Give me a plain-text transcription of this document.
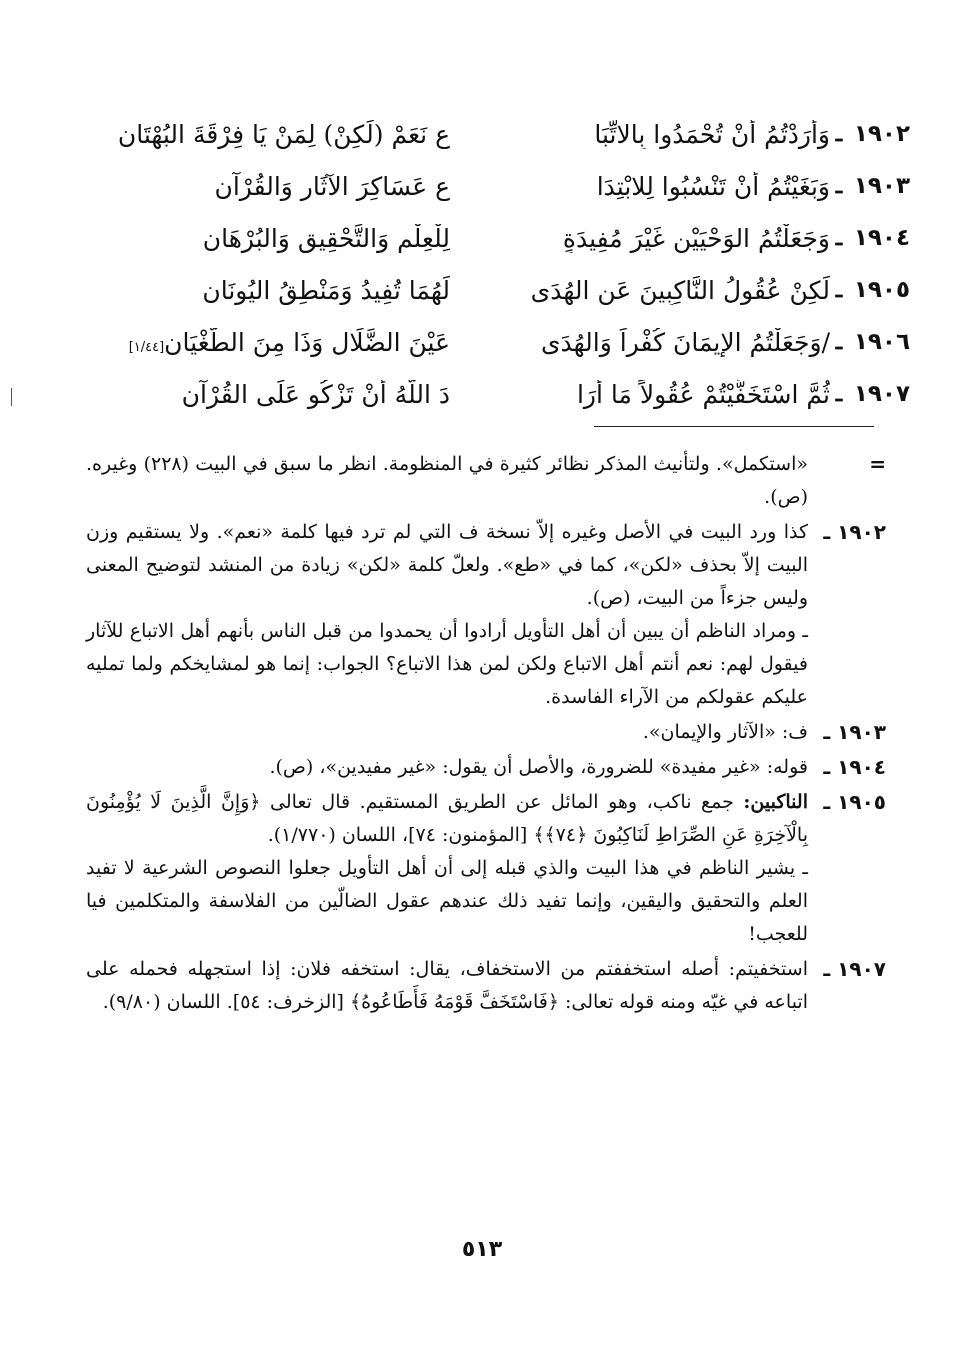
١٩٠٢
ـ
وَأَرَدْتُمُ أَنْ تُحْمَدُوا بِالاتِّبَا
عِ نَعَمْ (لَكِنْ) لِمَنْ يَا فِرْقَةَ البُهْتَانِ
١٩٠٣
ـ
وَبَغَيْتُمُ أَنْ تَنْسُبُوا لِلابْتِدَا
عِ عَسَاكِرَ الآثَارِ وَالقُرْآنِ
١٩٠٤
ـ
وَجَعَلْتُمُ الوَحْيَيْنِ غَيْرَ مُفِيدَةٍ
لِلْعِلْمِ وَالتَّحْقِيقِ وَالبُرْهَانِ
١٩٠٥
ـ
لَكِنْ عُقُولُ النَّاكِبِينَ عَنِ الهُدَى
لَهُمَا تُفِيدُ وَمَنْطِقُ اليُونَانِ
١٩٠٦
ـ
/وَجَعَلْتُمُ الإِيمَانَ كُفْراً وَالهُدَى
عَيْنَ الضَّلَالِ وَذَا مِنَ الطُّغْيَانِ[١/٤٤]
١٩٠٧
ـ
ثُمَّ اسْتَخَفَّيْتُمْ عُقُولاً مَا أَرَا
دَ اللَّهُ أَنْ تَزْكُو عَلَى القُرْآنِ
=

«استكمل». ولتأنيث المذكر نظائر كثيرة في المنظومة. انظر ما سبق في البيت (٢٢٨) وغيره. (ص).

١٩٠٢ ـ

كذا ورد البيت في الأصل وغيره إلاّ نسخة ف التي لم ترد فيها كلمة «نعم». ولا يستقيم وزن البيت إلاّ بحذف «لكن»، كما في «طع». ولعلّ كلمة «لكن» زيادة من المنشد لتوضيح المعنى وليس جزءاً من البيت، (ص).

ـ ومراد الناظم أن يبين أن أهل التأويل أرادوا أن يحمدوا من قبل الناس بأنهم أهل الاتباع للآثار فيقول لهم: نعم أنتم أهل الاتباع ولكن لمن هذا الاتباع؟ الجواب: إنما هو لمشايخكم ولما تمليه عليكم عقولكم من الآراء الفاسدة.

١٩٠٣ ـ

ف: «الآثار والإيمان».

١٩٠٤ ـ

قوله: «غير مفيدة» للضرورة، والأصل أن يقول: «غير مفيدين»، (ص).

١٩٠٥ ـ

الناكبين: جمع ناكب، وهو المائل عن الطريق المستقيم. قال تعالى ﴿وَإِنَّ الَّذِينَ لَا يُؤْمِنُونَ بِالْآخِرَةِ عَنِ الصِّرَاطِ لَنَاكِبُونَ ﴿٧٤﴾﴾ [المؤمنون: ٧٤]، اللسان (١/٧٧٠).

ـ يشير الناظم في هذا البيت والذي قبله إلى أن أهل التأويل جعلوا النصوص الشرعية لا تفيد العلم والتحقيق واليقين، وإنما تفيد ذلك عندهم عقول الضالّين من الفلاسفة والمتكلمين فيا للعجب!

١٩٠٧ ـ

استخفيتم: أصله استخففتم من الاستخفاف، يقال: استخفه فلان: إذا استجهله فحمله على اتباعه في غيّه ومنه قوله تعالى: ﴿فَاسْتَخَفَّ قَوْمَهُ فَأَطَاعُوهُ﴾ [الزخرف: ٥٤]. اللسان (٩/٨٠).

٥١٣
